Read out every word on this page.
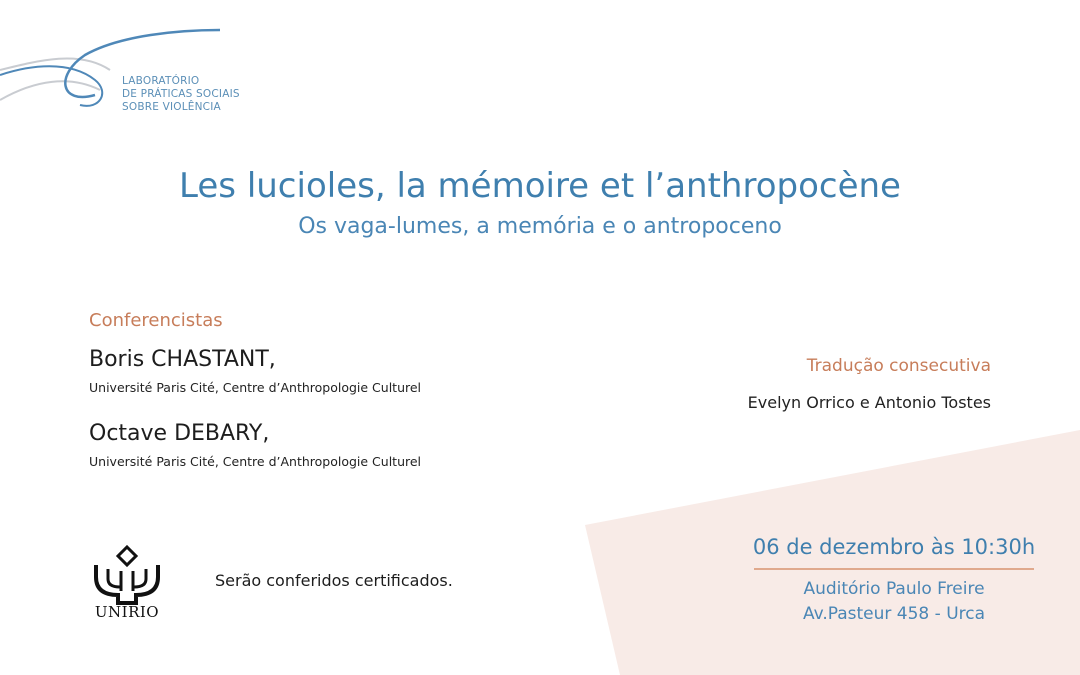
LABORATÓRIO
DE PRÁTICAS SOCIAIS
SOBRE VIOLÊNCIA
Les lucioles, la mémoire et l’anthropocène
Os vaga-lumes, a memória e o antropoceno
Conferencistas
Boris CHASTANT,
Université Paris Cité, Centre d’Anthropologie Culturel
Octave DEBARY,
Université Paris Cité, Centre d’Anthropologie Culturel
Tradução consecutiva
Evelyn Orrico e Antonio Tostes
UNIRIO
Serão conferidos certificados.
06 de dezembro às 10:30h
Auditório Paulo Freire
Av.Pasteur 458 - Urca
